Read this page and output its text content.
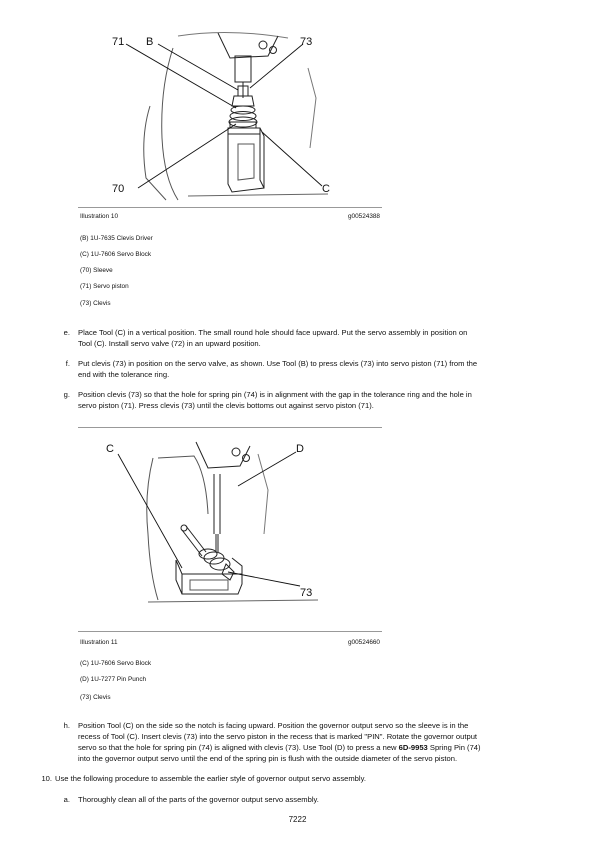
71 B	73
70	C
Illustration 10	g00524388
(B) 1U-7635 Clevis Driver
(C) 1U-7606 Servo Block
(70) Sleeve
(71) Servo piston
(73) Clevis
e. Place Tool (C) in a vertical position. The small round hole should face upward. Put the servo assembly in position on
Tool (C). Install servo valve (72) in an upward position.
f. Put clevis (73) in position on the servo valve, as shown. Use Tool (B) to press clevis (73) into servo piston (71) from the
end with the tolerance ring.
g. Position clevis (73) so that the hole for spring pin (74) is in alignment with the gap in the tolerance ring and the hole in
servo piston (71). Press clevis (73) until the clevis bottoms out against servo piston (71).
C	D
73
Illustration 11	g00524660
(C) 1U-7606 Servo Block
(D) 1U-7277 Pin Punch
(73) Clevis
h. Position Tool (C) on the side so the notch is facing upward. Position the governor output servo so the sleeve is in the
recess of Tool (C). Insert clevis (73) into the servo piston in the recess that is marked "PIN". Rotate the governor output
servo so that the hole for spring pin (74) is aligned with clevis (73). Use Tool (D) to press a new 6D-9953 Spring Pin (74)
into the governor output servo until the end of the spring pin is flush with the outside diameter of the servo piston.
10. Use the following procedure to assemble the earlier style of governor output servo assembly.
a. Thoroughly clean all of the parts of the governor output servo assembly.
7222
